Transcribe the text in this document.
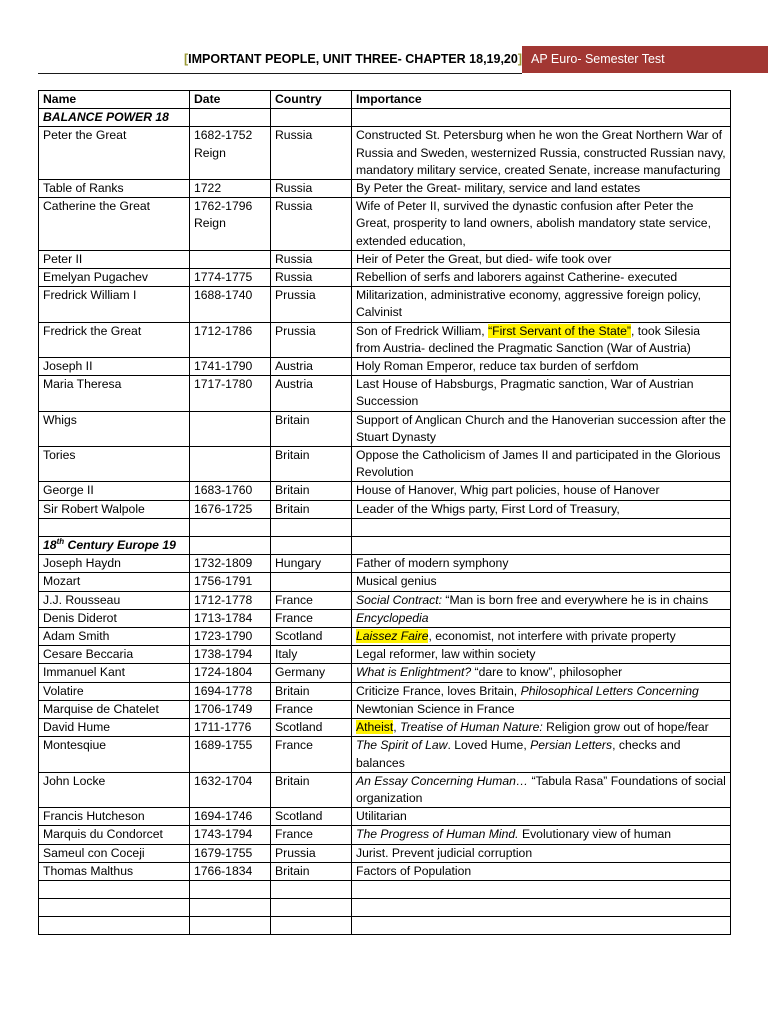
[IMPORTANT PEOPLE, UNIT THREE- CHAPTER 18,19,20] AP Euro- Semester Test
Name	Date	Country	Importance
BALANCE POWER 18			
Peter the Great	1682-1752 Reign	Russia	Constructed St. Petersburg when he won the Great Northern War of Russia and Sweden, westernized Russia, constructed Russian navy, mandatory military service, created Senate, increase manufacturing
Table of Ranks	1722	Russia	By Peter the Great- military, service and land estates
Catherine the Great	1762-1796 Reign	Russia	Wife of Peter II, survived the dynastic confusion after Peter the Great, prosperity to land owners, abolish mandatory state service, extended education,
Peter II		Russia	Heir of Peter the Great, but died- wife took over
Emelyan Pugachev	1774-1775	Russia	Rebellion of serfs and laborers against Catherine- executed
Fredrick William I	1688-1740	Prussia	Militarization, administrative economy, aggressive foreign policy, Calvinist
Fredrick the Great	1712-1786	Prussia	Son of Fredrick William, “First Servant of the State”, took Silesia from Austria- declined the Pragmatic Sanction (War of Austria)
Joseph II	1741-1790	Austria	Holy Roman Emperor, reduce tax burden of serfdom
Maria Theresa	1717-1780	Austria	Last House of Habsburgs, Pragmatic sanction, War of Austrian Succession
Whigs		Britain	Support of Anglican Church and the Hanoverian succession after the Stuart Dynasty
Tories		Britain	Oppose the Catholicism of James II and participated in the Glorious Revolution
George II	1683-1760	Britain	House of Hanover, Whig part policies, house of Hanover
Sir Robert Walpole	1676-1725	Britain	Leader of the Whigs party, First Lord of Treasury,

18th Century Europe 19			
Joseph Haydn	1732-1809	Hungary	Father of modern symphony
Mozart	1756-1791		Musical genius
J.J. Rousseau	1712-1778	France	Social Contract: “Man is born free and everywhere he is in chains
Denis Diderot	1713-1784	France	Encyclopedia
Adam Smith	1723-1790	Scotland	Laissez Faire, economist, not interfere with private property
Cesare Beccaria	1738-1794	Italy	Legal reformer, law within society
Immanuel Kant	1724-1804	Germany	What is Enlightment? “dare to know”, philosopher
Volatire	1694-1778	Britain	Criticize France, loves Britain, Philosophical Letters Concerning
Marquise de Chatelet	1706-1749	France	Newtonian Science in France
David Hume	1711-1776	Scotland	Atheist, Treatise of Human Nature: Religion grow out of hope/fear
Montesqiue	1689-1755	France	The Spirit of Law. Loved Hume, Persian Letters, checks and balances
John Locke	1632-1704	Britain	An Essay Concerning Human… “Tabula Rasa” Foundations of social organization
Francis Hutcheson	1694-1746	Scotland	Utilitarian
Marquis du Condorcet	1743-1794	France	The Progress of Human Mind. Evolutionary view of human
Sameul con Coceji	1679-1755	Prussia	Jurist. Prevent judicial corruption
Thomas Malthus	1766-1834	Britain	Factors of Population
